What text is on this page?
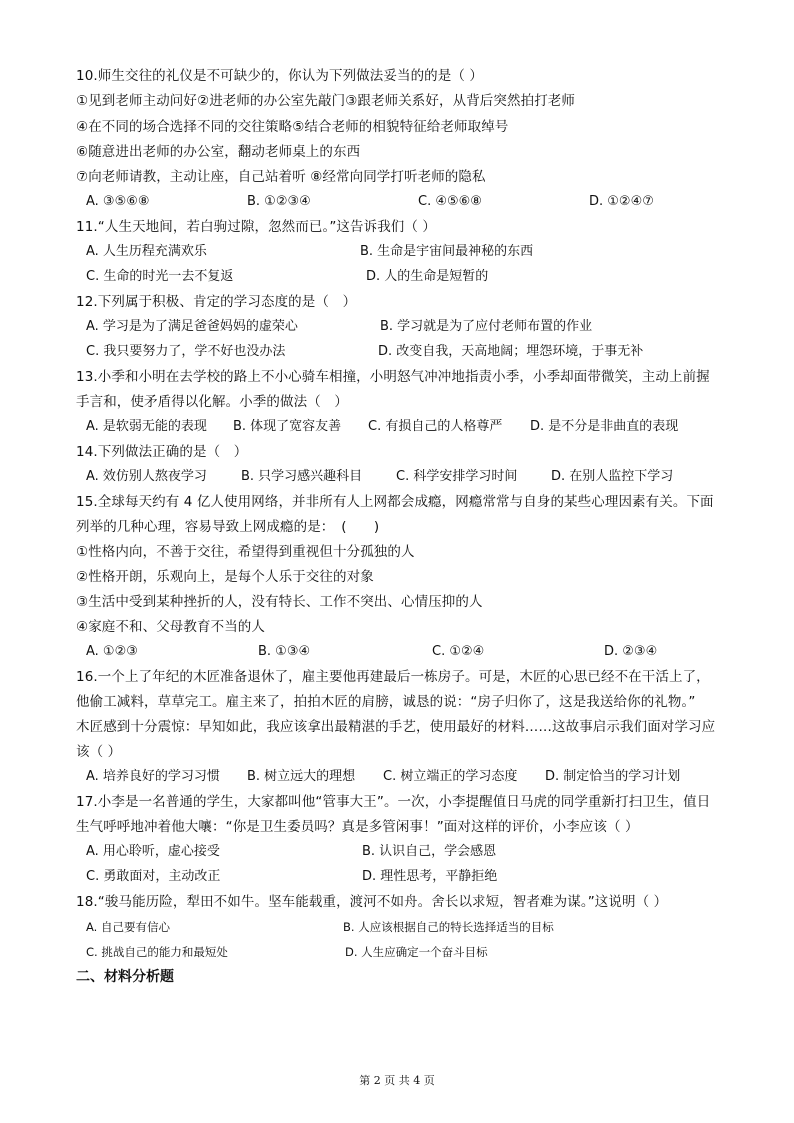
10.师生交往的礼仪是不可缺少的，你认为下列做法妥当的的是（ ）
①见到老师主动问好②进老师的办公室先敲门③跟老师关系好，从背后突然拍打老师
④在不同的场合选择不同的交往策略⑤结合老师的相貌特征给老师取绰号
⑥随意进出老师的办公室，翻动老师桌上的东西
⑦向老师请教，主动让座，自己站着听 ⑧经常向同学打听老师的隐私
A. ③⑤⑥⑧	B. ①②③④	C. ④⑤⑥⑧	D. ①②④⑦
11.“人生天地间，若白驹过隙，忽然而已。”这告诉我们（ ）
A. 人生历程充满欢乐	B. 生命是宇宙间最神秘的东西
C. 生命的时光一去不复返	D. 人的生命是短暂的
12.下列属于积极、肯定的学习态度的是（　）
A. 学习是为了满足爸爸妈妈的虚荣心	B. 学习就是为了应付老师布置的作业
C. 我只要努力了，学不好也没办法	D. 改变自我，天高地阔；埋怨环境，于事无补
13.小季和小明在去学校的路上不小心骑车相撞，小明怒气冲冲地指责小季，小季却面带微笑，主动上前握
手言和，使矛盾得以化解。小季的做法（　）
A. 是软弱无能的表现 B. 体现了宽容友善 C. 有损自己的人格尊严 D. 是不分是非曲直的表现
14.下列做法正确的是（　）
A. 效仿别人熬夜学习	B. 只学习感兴趣科目	C. 科学安排学习时间	D. 在别人监控下学习
15.全球每天约有 4 亿人使用网络，并非所有人上网都会成瘾，网瘾常常与自身的某些心理因素有关。下面
列举的几种心理，容易导致上网成瘾的是：　(　　)
①性格内向，不善于交往，希望得到重视但十分孤独的人
②性格开朗，乐观向上，是每个人乐于交往的对象
③生活中受到某种挫折的人，没有特长、工作不突出、心情压抑的人
④家庭不和、父母教育不当的人
A. ①②③	B. ①③④	C. ①②④	D. ②③④
16.一个上了年纪的木匠准备退休了，雇主要他再建最后一栋房子。可是，木匠的心思已经不在干活上了，
他偷工减料，草草完工。雇主来了，拍拍木匠的肩膀，诚恳的说：“房子归你了，这是我送给你的礼物。”
木匠感到十分震惊：早知如此，我应该拿出最精湛的手艺，使用最好的材料……这故事启示我们面对学习应
该（ ）
A. 培养良好的学习习惯 B. 树立远大的理想 C. 树立端正的学习态度 D. 制定恰当的学习计划
17.小李是一名普通的学生，大家都叫他“管事大王”。一次，小李提醒值日马虎的同学重新打扫卫生，值日
生气呼呼地冲着他大嚷：“你是卫生委员吗？真是多管闲事！”面对这样的评价，小李应该（ ）
A. 用心聆听，虚心接受	B. 认识自己，学会感恩
C. 勇敢面对，主动改正	D. 理性思考，平静拒绝
18.“骏马能历险，犁田不如牛。坚车能载重，渡河不如舟。舍长以求短，智者难为谋。”这说明（ ）
A. 自己要有信心	B. 人应该根据自己的特长选择适当的目标
C. 挑战自己的能力和最短处	D. 人生应确定一个奋斗目标
二、材料分析题
第 2 页 共 4 页
